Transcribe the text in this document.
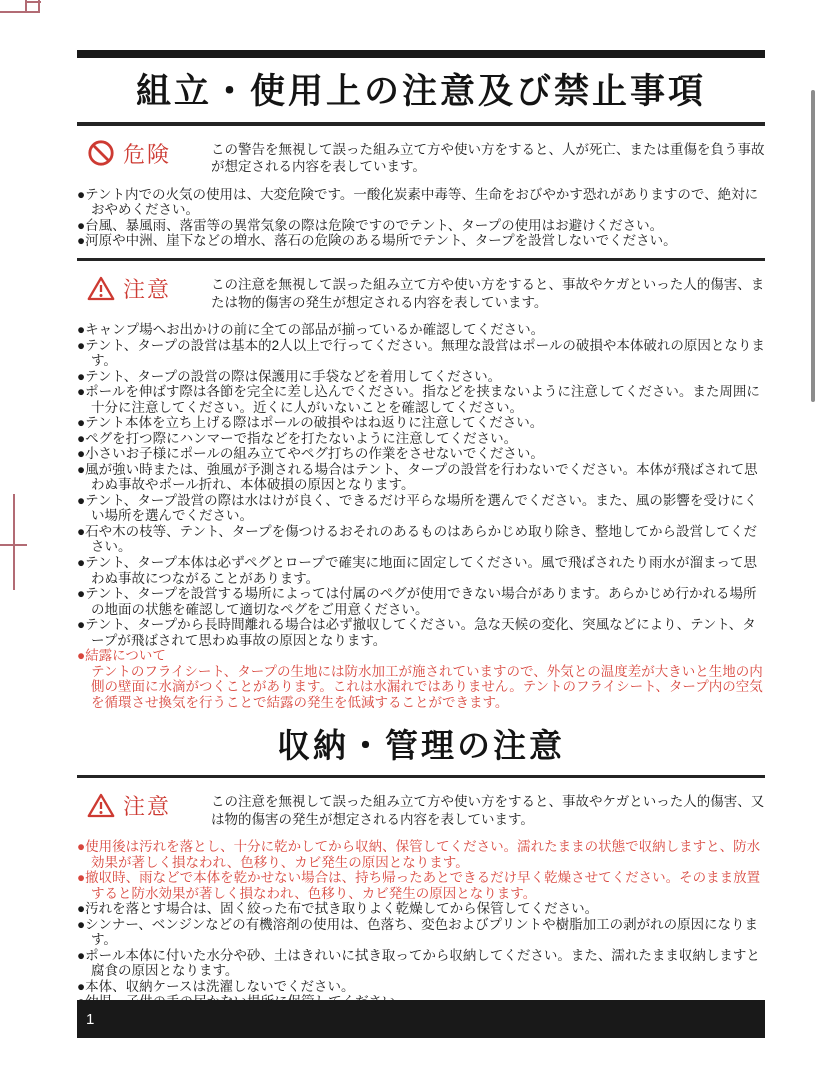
組立・使用上の注意及び禁止事項
危険	この警告を無視して誤った組み立て方や使い方をすると、人が死亡、または重傷を負う事故が想定される内容を表しています。
● テント内での火気の使用は、大変危険です。一酸化炭素中毒等、生命をおびやかす恐れがありますので、絶対におやめください。
● 台風、暴風雨、落雷等の異常気象の際は危険ですのでテント、タープの使用はお避けください。
● 河原や中洲、崖下などの増水、落石の危険のある場所でテント、タープを設営しないでください。
注意	この注意を無視して誤った組み立て方や使い方をすると、事故やケガといった人的傷害、または物的傷害の発生が想定される内容を表しています。
● キャンプ場へお出かけの前に全ての部品が揃っているか確認してください。
● テント、タープの設営は基本的2人以上で行ってください。無理な設営はポールの破損や本体破れの原因となります。
● テント、タープの設営の際は保護用に手袋などを着用してください。
● ポールを伸ばす際は各節を完全に差し込んでください。指などを挟まないように注意してください。また周囲に十分に注意してください。近くに人がいないことを確認してください。
● テント本体を立ち上げる際はポールの破損やはね返りに注意してください。
● ペグを打つ際にハンマーで指などを打たないように注意してください。
● 小さいお子様にポールの組み立てやペグ打ちの作業をさせないでください。
● 風が強い時または、強風が予測される場合はテント、タープの設営を行わないでください。本体が飛ばされて思わぬ事故やポール折れ、本体破損の原因となります。
● テント、タープ設営の際は水はけが良く、できるだけ平らな場所を選んでください。また、風の影響を受けにくい場所を選んでください。
● 石や木の枝等、テント、タープを傷つけるおそれのあるものはあらかじめ取り除き、整地してから設営してください。
● テント、タープ本体は必ずペグとロープで確実に地面に固定してください。風で飛ばされたり雨水が溜まって思わぬ事故につながることがあります。
● テント、タープを設営する場所によっては付属のペグが使用できない場合があります。あらかじめ行かれる場所の地面の状態を確認して適切なペグをご用意ください。
● テント、タープから長時間離れる場合は必ず撤収してください。急な天候の変化、突風などにより、テント、タープが飛ばされて思わぬ事故の原因となります。
● 結露について
テントのフライシート、タープの生地には防水加工が施されていますので、外気との温度差が大きいと生地の内側の壁面に水滴がつくことがあります。これは水漏れではありません。テントのフライシート、タープ内の空気を循環させ換気を行うことで結露の発生を低減することができます。
収納・管理の注意
注意	この注意を無視して誤った組み立て方や使い方をすると、事故やケガといった人的傷害、又は物的傷害の発生が想定される内容を表しています。
● 使用後は汚れを落とし、十分に乾かしてから収納、保管してください。濡れたままの状態で収納しますと、防水効果が著しく損なわれ、色移り、カビ発生の原因となります。
● 撤収時、雨などで本体を乾かせない場合は、持ち帰ったあとできるだけ早く乾燥させてください。そのまま放置すると防水効果が著しく損なわれ、色移り、カビ発生の原因となります。
● 汚れを落とす場合は、固く絞った布で拭き取りよく乾燥してから保管してください。
● シンナー、ベンジンなどの有機溶剤の使用は、色落ち、変色およびプリントや樹脂加工の剥がれの原因になります。
● ポール本体に付いた水分や砂、土はきれいに拭き取ってから収納してください。また、濡れたまま収納しますと腐食の原因となります。
● 本体、収納ケースは洗濯しないでください。
●
1
